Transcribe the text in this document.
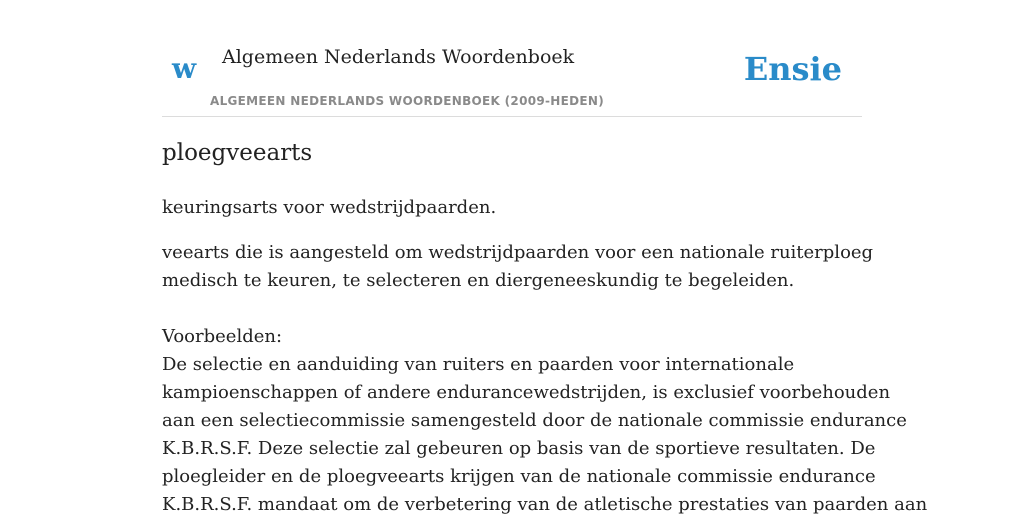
w Algemeen Nederlands Woordenboek
ALGEMEEN NEDERLANDS WOORDENBOEK (2009-HEDEN)
Ensie
ploegveearts
keuringsarts voor wedstrijdpaarden.
veearts die is aangesteld om wedstrijdpaarden voor een nationale ruiterploeg
medisch te keuren, te selecteren en diergeneeskundig te begeleiden.
Voorbeelden:
De selectie en aanduiding van ruiters en paarden voor internationale
kampioenschappen of andere endurancewedstrijden, is exclusief voorbehouden
aan een selectiecommissie samengesteld door de nationale commissie endurance
K.B.R.S.F. Deze selectie zal gebeuren op basis van de sportieve resultaten. De
ploegleider en de ploegveearts krijgen van de nationale commissie endurance
K.B.R.S.F. mandaat om de verbetering van de atletische prestaties van paarden aan
